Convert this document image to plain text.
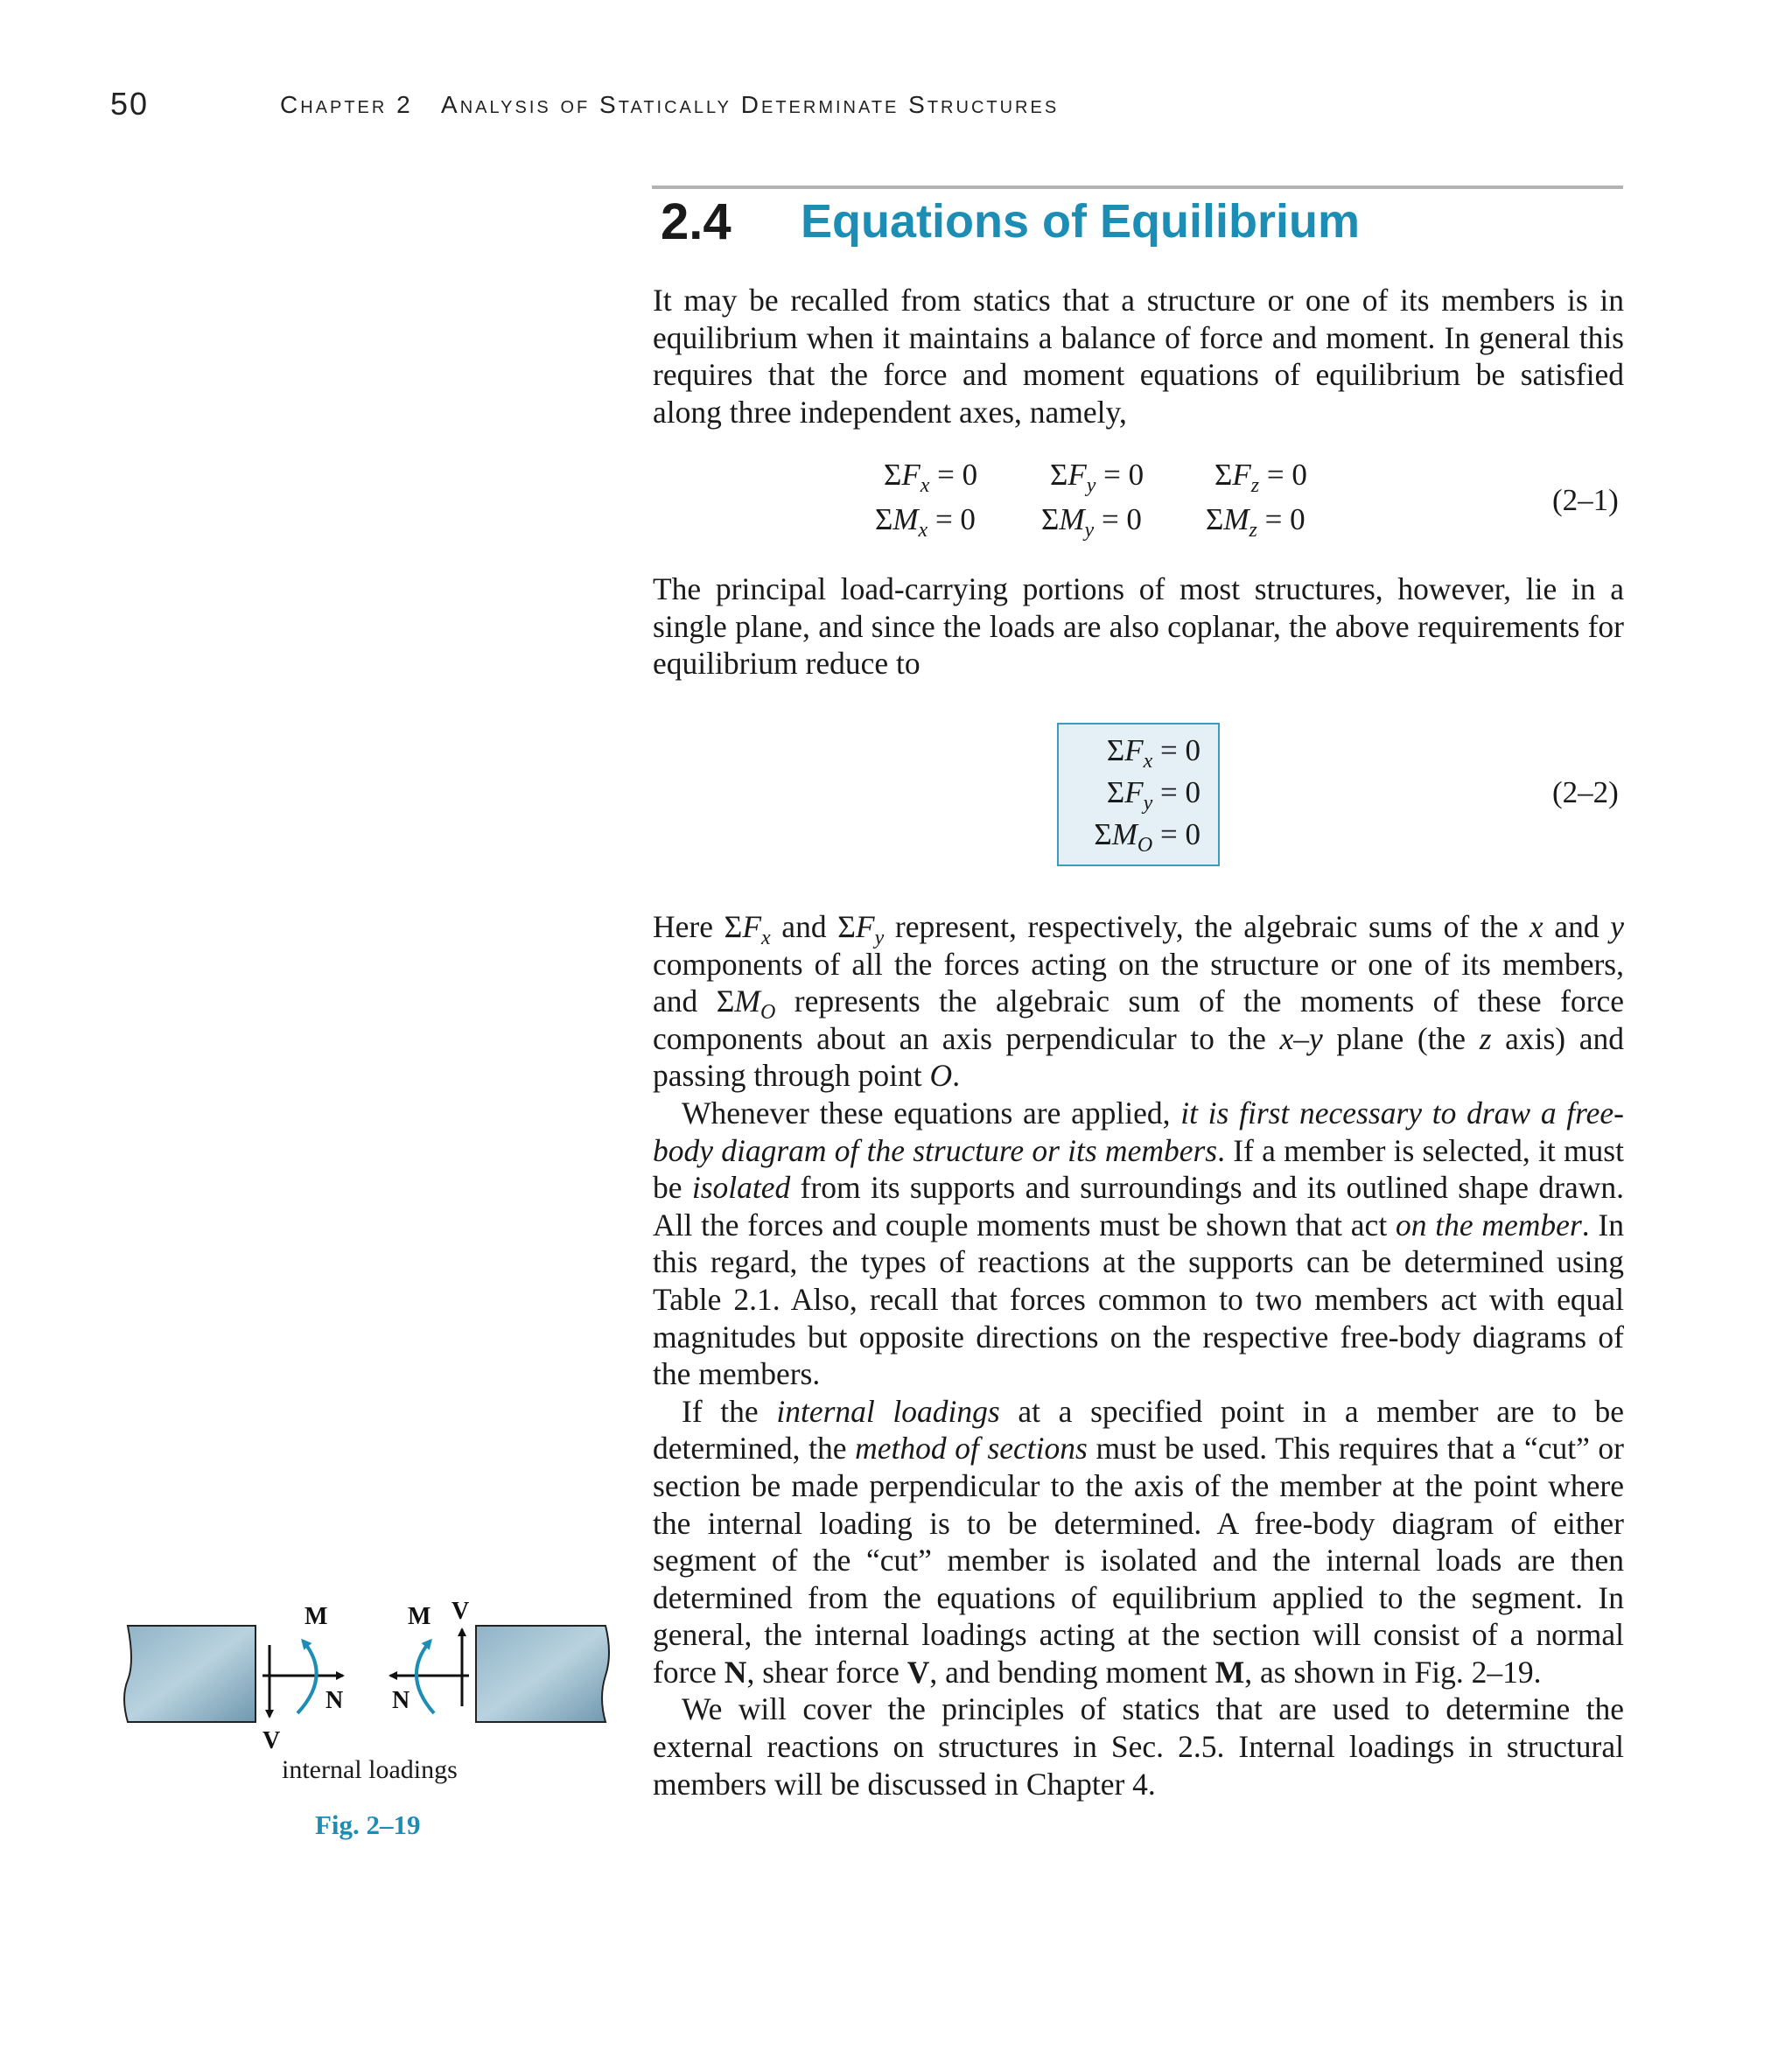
50	Chapter 2 Analysis of Statically Determinate Structures
2.4 Equations of Equilibrium

It may be recalled from statics that a structure or one of its members is in equilibrium when it maintains a balance of force and moment. In general this requires that the force and moment equations of equilibrium be satisfied along three independent axes, namely,

$\Sigma F_x = 0$ $\Sigma F_y = 0$ $\Sigma F_z = 0$
$\Sigma M_x = 0$ $\Sigma M_y = 0$ $\Sigma M_z = 0$
(2–1)

The principal load-carrying portions of most structures, however, lie in a single plane, and since the loads are also coplanar, the above requirements for equilibrium reduce to

$\Sigma F_x = 0$
$\Sigma F_y = 0$
$\Sigma M_O = 0$
(2–2)

Here $\Sigma F_x$ and $\Sigma F_y$ represent, respectively, the algebraic sums of the x and y components of all the forces acting on the structure or one of its members, and $\Sigma M_O$ represents the algebraic sum of the moments of these force components about an axis perpendicular to the x–y plane (the z axis) and passing through point O.

Whenever these equations are applied, it is first necessary to draw a free-body diagram of the structure or its members. If a member is selected, it must be isolated from its supports and surroundings and its outlined shape drawn. All the forces and couple moments must be shown that act on the member. In this regard, the types of reactions at the supports can be determined using Table 2.1. Also, recall that forces common to two members act with equal magnitudes but opposite directions on the respective free-body diagrams of the members.

If the internal loadings at a specified point in a member are to be determined, the method of sections must be used. This requires that a “cut” or section be made perpendicular to the axis of the member at the point where the internal loading is to be determined. A free-body diagram of either segment of the “cut” member is isolated and the internal loads are then determined from the equations of equilibrium applied to the segment. In general, the internal loadings acting at the section will consist of a normal force N, shear force V, and bending moment M, as shown in Fig. 2–19.

We will cover the principles of statics that are used to determine the external reactions on structures in Sec. 2.5. Internal loadings in structural members will be discussed in Chapter 4.

M
N
V
M V
N
internal loadings
Fig. 2–19
